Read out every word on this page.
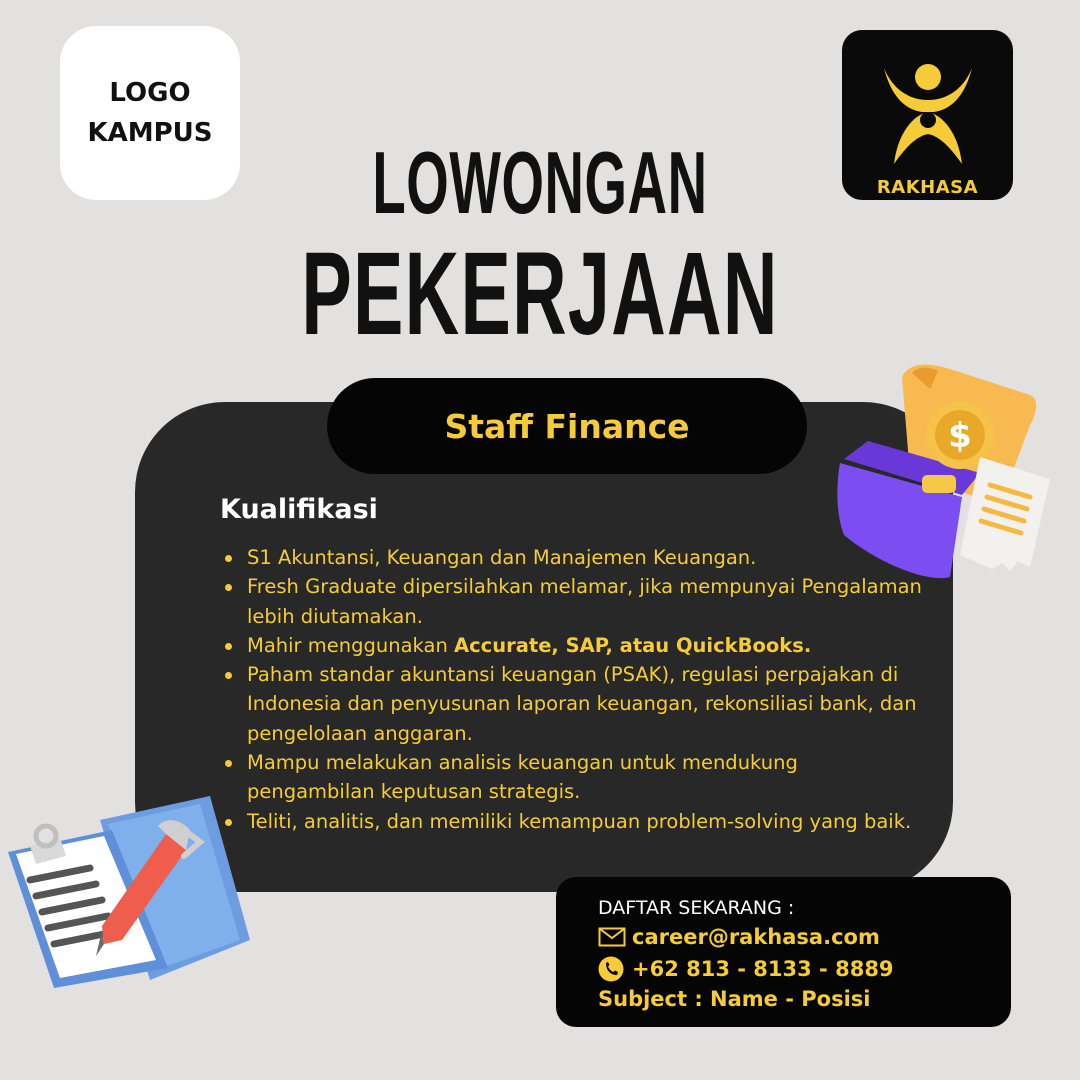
LOGO
KAMPUS
RAKHASA
LOWONGAN
PEKERJAAN
Staff Finance
Kualifikasi
S1 Akuntansi, Keuangan dan Manajemen Keuangan.
Fresh Graduate dipersilahkan melamar, jika mempunyai Pengalaman lebih diutamakan.
Mahir menggunakan Accurate, SAP, atau QuickBooks.
Paham standar akuntansi keuangan (PSAK), regulasi perpajakan di Indonesia dan penyusunan laporan keuangan, rekonsiliasi bank, dan pengelolaan anggaran.
Mampu melakukan analisis keuangan untuk mendukung pengambilan keputusan strategis.
Teliti, analitis, dan memiliki kemampuan problem-solving yang baik.
DAFTAR SEKARANG :
career@rakhasa.com
+62 813 - 8133 - 8889
Subject : Name - Posisi
$
